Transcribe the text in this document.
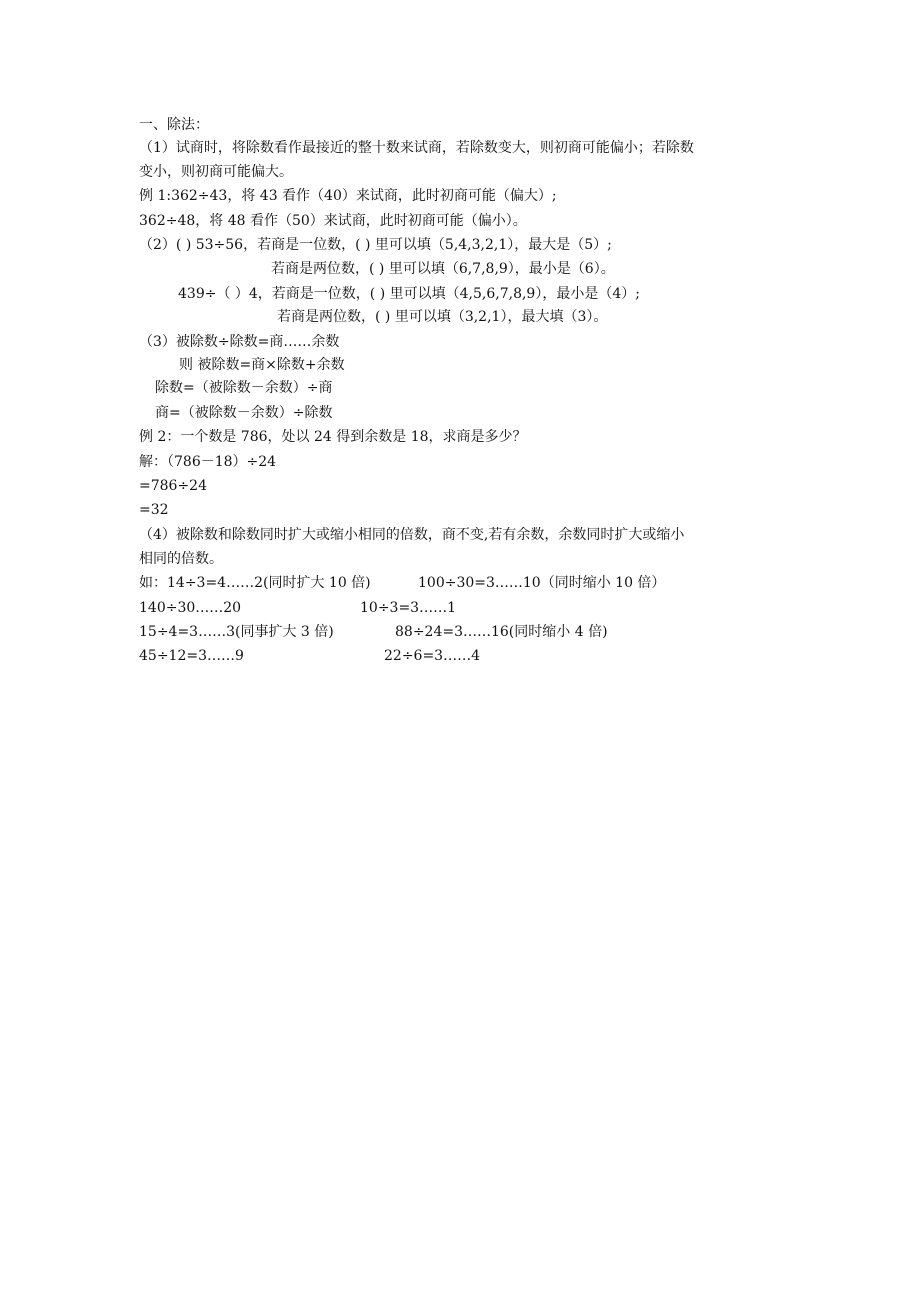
一、除法：
（1）试商时，将除数看作最接近的整十数来试商，若除数变大，则初商可能偏小；若除数
变小，则初商可能偏大。
例 1:362÷43，将 43 看作（40）来试商，此时初商可能（偏大）;
362÷48，将 48 看作（50）来试商，此时初商可能（偏小）。
（2）( ) 53÷56，若商是一位数，( ) 里可以填（5,4,3,2,1），最大是（5）;
若商是两位数，( ) 里可以填（6,7,8,9），最小是（6）。
439÷（ ）4，若商是一位数，( ) 里可以填（4,5,6,7,8,9），最小是（4）;
若商是两位数，( ) 里可以填（3,2,1），最大填（3）。
（3）被除数÷除数=商……余数
则 被除数=商×除数+余数
除数=（被除数－余数）÷商
商=（被除数－余数）÷除数
例 2：一个数是 786，处以 24 得到余数是 18，求商是多少？
解：（786－18）÷24
=786÷24
=32
（4）被除数和除数同时扩大或缩小相同的倍数，商不变,若有余数，余数同时扩大或缩小
相同的倍数。
如：14÷3=4……2(同时扩大 10 倍)	100÷30=3……10（同时缩小 10 倍）
140÷30……20	10÷3=3……1
15÷4=3……3(同事扩大 3 倍)	88÷24=3……16(同时缩小 4 倍)
45÷12=3……9	22÷6=3……4
